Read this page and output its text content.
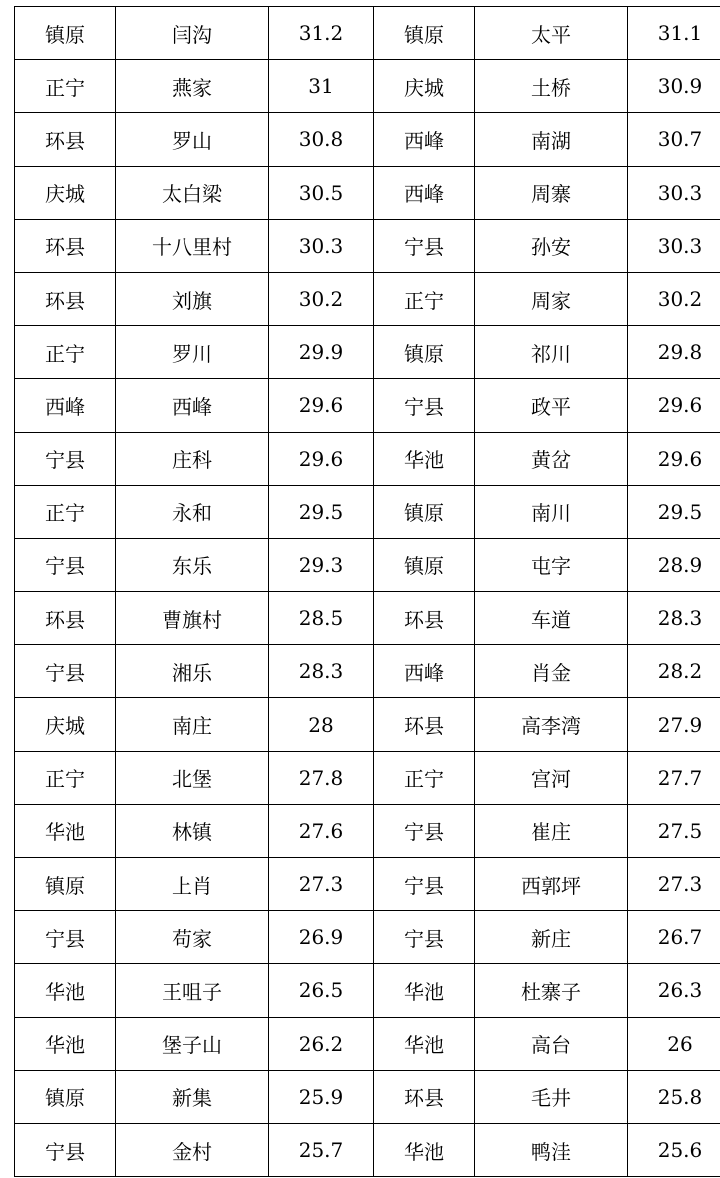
镇原	闫沟	31.2	镇原	太平	31.1
正宁	燕家	31	庆城	土桥	30.9
环县	罗山	30.8	西峰	南湖	30.7
庆城	太白梁	30.5	西峰	周寨	30.3
环县	十八里村	30.3	宁县	孙安	30.3
环县	刘旗	30.2	正宁	周家	30.2
正宁	罗川	29.9	镇原	祁川	29.8
西峰	西峰	29.6	宁县	政平	29.6
宁县	庄科	29.6	华池	黄岔	29.6
正宁	永和	29.5	镇原	南川	29.5
宁县	东乐	29.3	镇原	屯字	28.9
环县	曹旗村	28.5	环县	车道	28.3
宁县	湘乐	28.3	西峰	肖金	28.2
庆城	南庄	28	环县	高李湾	27.9
正宁	北堡	27.8	正宁	宫河	27.7
华池	林镇	27.6	宁县	崔庄	27.5
镇原	上肖	27.3	宁县	西郭坪	27.3
宁县	苟家	26.9	宁县	新庄	26.7
华池	王咀子	26.5	华池	杜寨子	26.3
华池	堡子山	26.2	华池	高台	26
镇原	新集	25.9	环县	毛井	25.8
宁县	金村	25.7	华池	鸭洼	25.6
